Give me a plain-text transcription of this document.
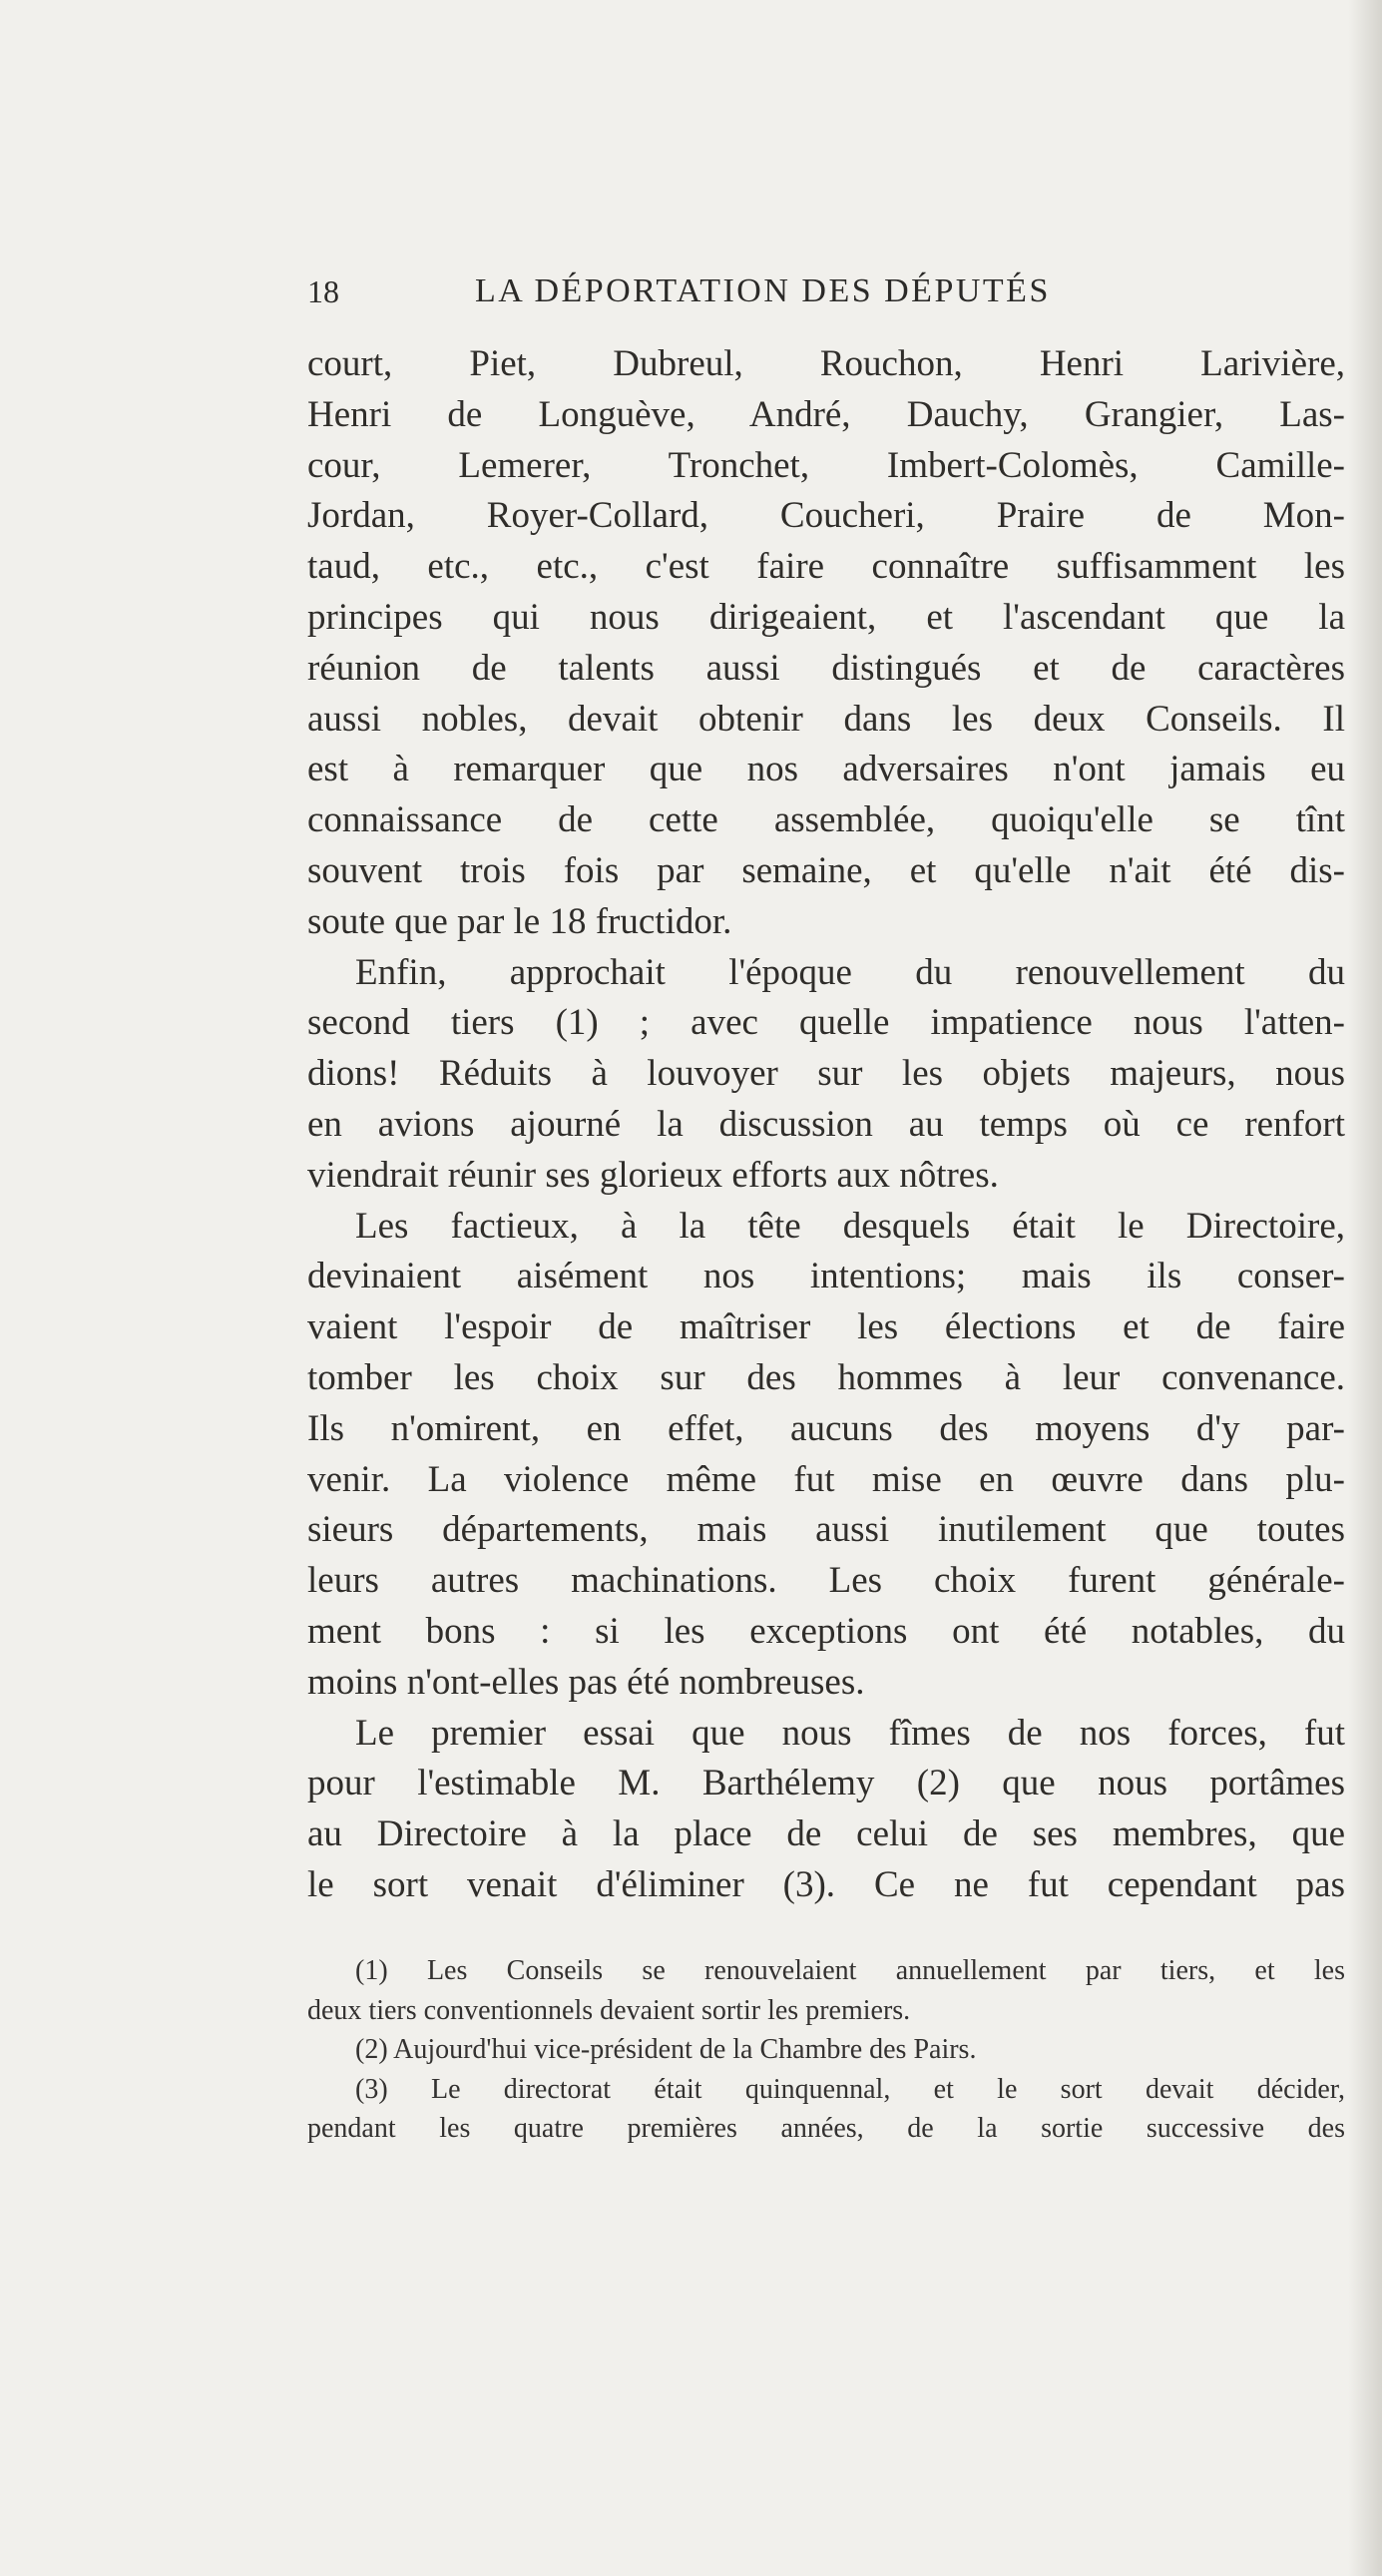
18	LA DÉPORTATION DES DÉPUTÉS
court, Piet, Dubreul, Rouchon, Henri Larivière,
Henri de Longuève, André, Dauchy, Grangier, Las-
cour, Lemerer, Tronchet, Imbert-Colomès, Camille-
Jordan, Royer-Collard, Coucheri, Praire de Mon-
taud, etc., etc., c'est faire connaître suffisamment les
principes qui nous dirigeaient, et l'ascendant que la
réunion de talents aussi distingués et de caractères
aussi nobles, devait obtenir dans les deux Conseils. Il
est à remarquer que nos adversaires n'ont jamais eu
connaissance de cette assemblée, quoiqu'elle se tînt
souvent trois fois par semaine, et qu'elle n'ait été dis-
soute que par le 18 fructidor.
Enfin, approchait l'époque du renouvellement du
second tiers (1) ; avec quelle impatience nous l'atten-
dions! Réduits à louvoyer sur les objets majeurs, nous
en avions ajourné la discussion au temps où ce renfort
viendrait réunir ses glorieux efforts aux nôtres.
Les factieux, à la tête desquels était le Directoire,
devinaient aisément nos intentions; mais ils conser-
vaient l'espoir de maîtriser les élections et de faire
tomber les choix sur des hommes à leur convenance.
Ils n'omirent, en effet, aucuns des moyens d'y par-
venir. La violence même fut mise en œuvre dans plu-
sieurs départements, mais aussi inutilement que toutes
leurs autres machinations. Les choix furent générale-
ment bons : si les exceptions ont été notables, du
moins n'ont-elles pas été nombreuses.
Le premier essai que nous fîmes de nos forces, fut
pour l'estimable M. Barthélemy (2) que nous portâmes
au Directoire à la place de celui de ses membres, que
le sort venait d'éliminer (3). Ce ne fut cependant pas
(1) Les Conseils se renouvelaient annuellement par tiers, et les
deux tiers conventionnels devaient sortir les premiers.
(2) Aujourd'hui vice-président de la Chambre des Pairs.
(3) Le directorat était quinquennal, et le sort devait décider,
pendant les quatre premières années, de la sortie successive des
